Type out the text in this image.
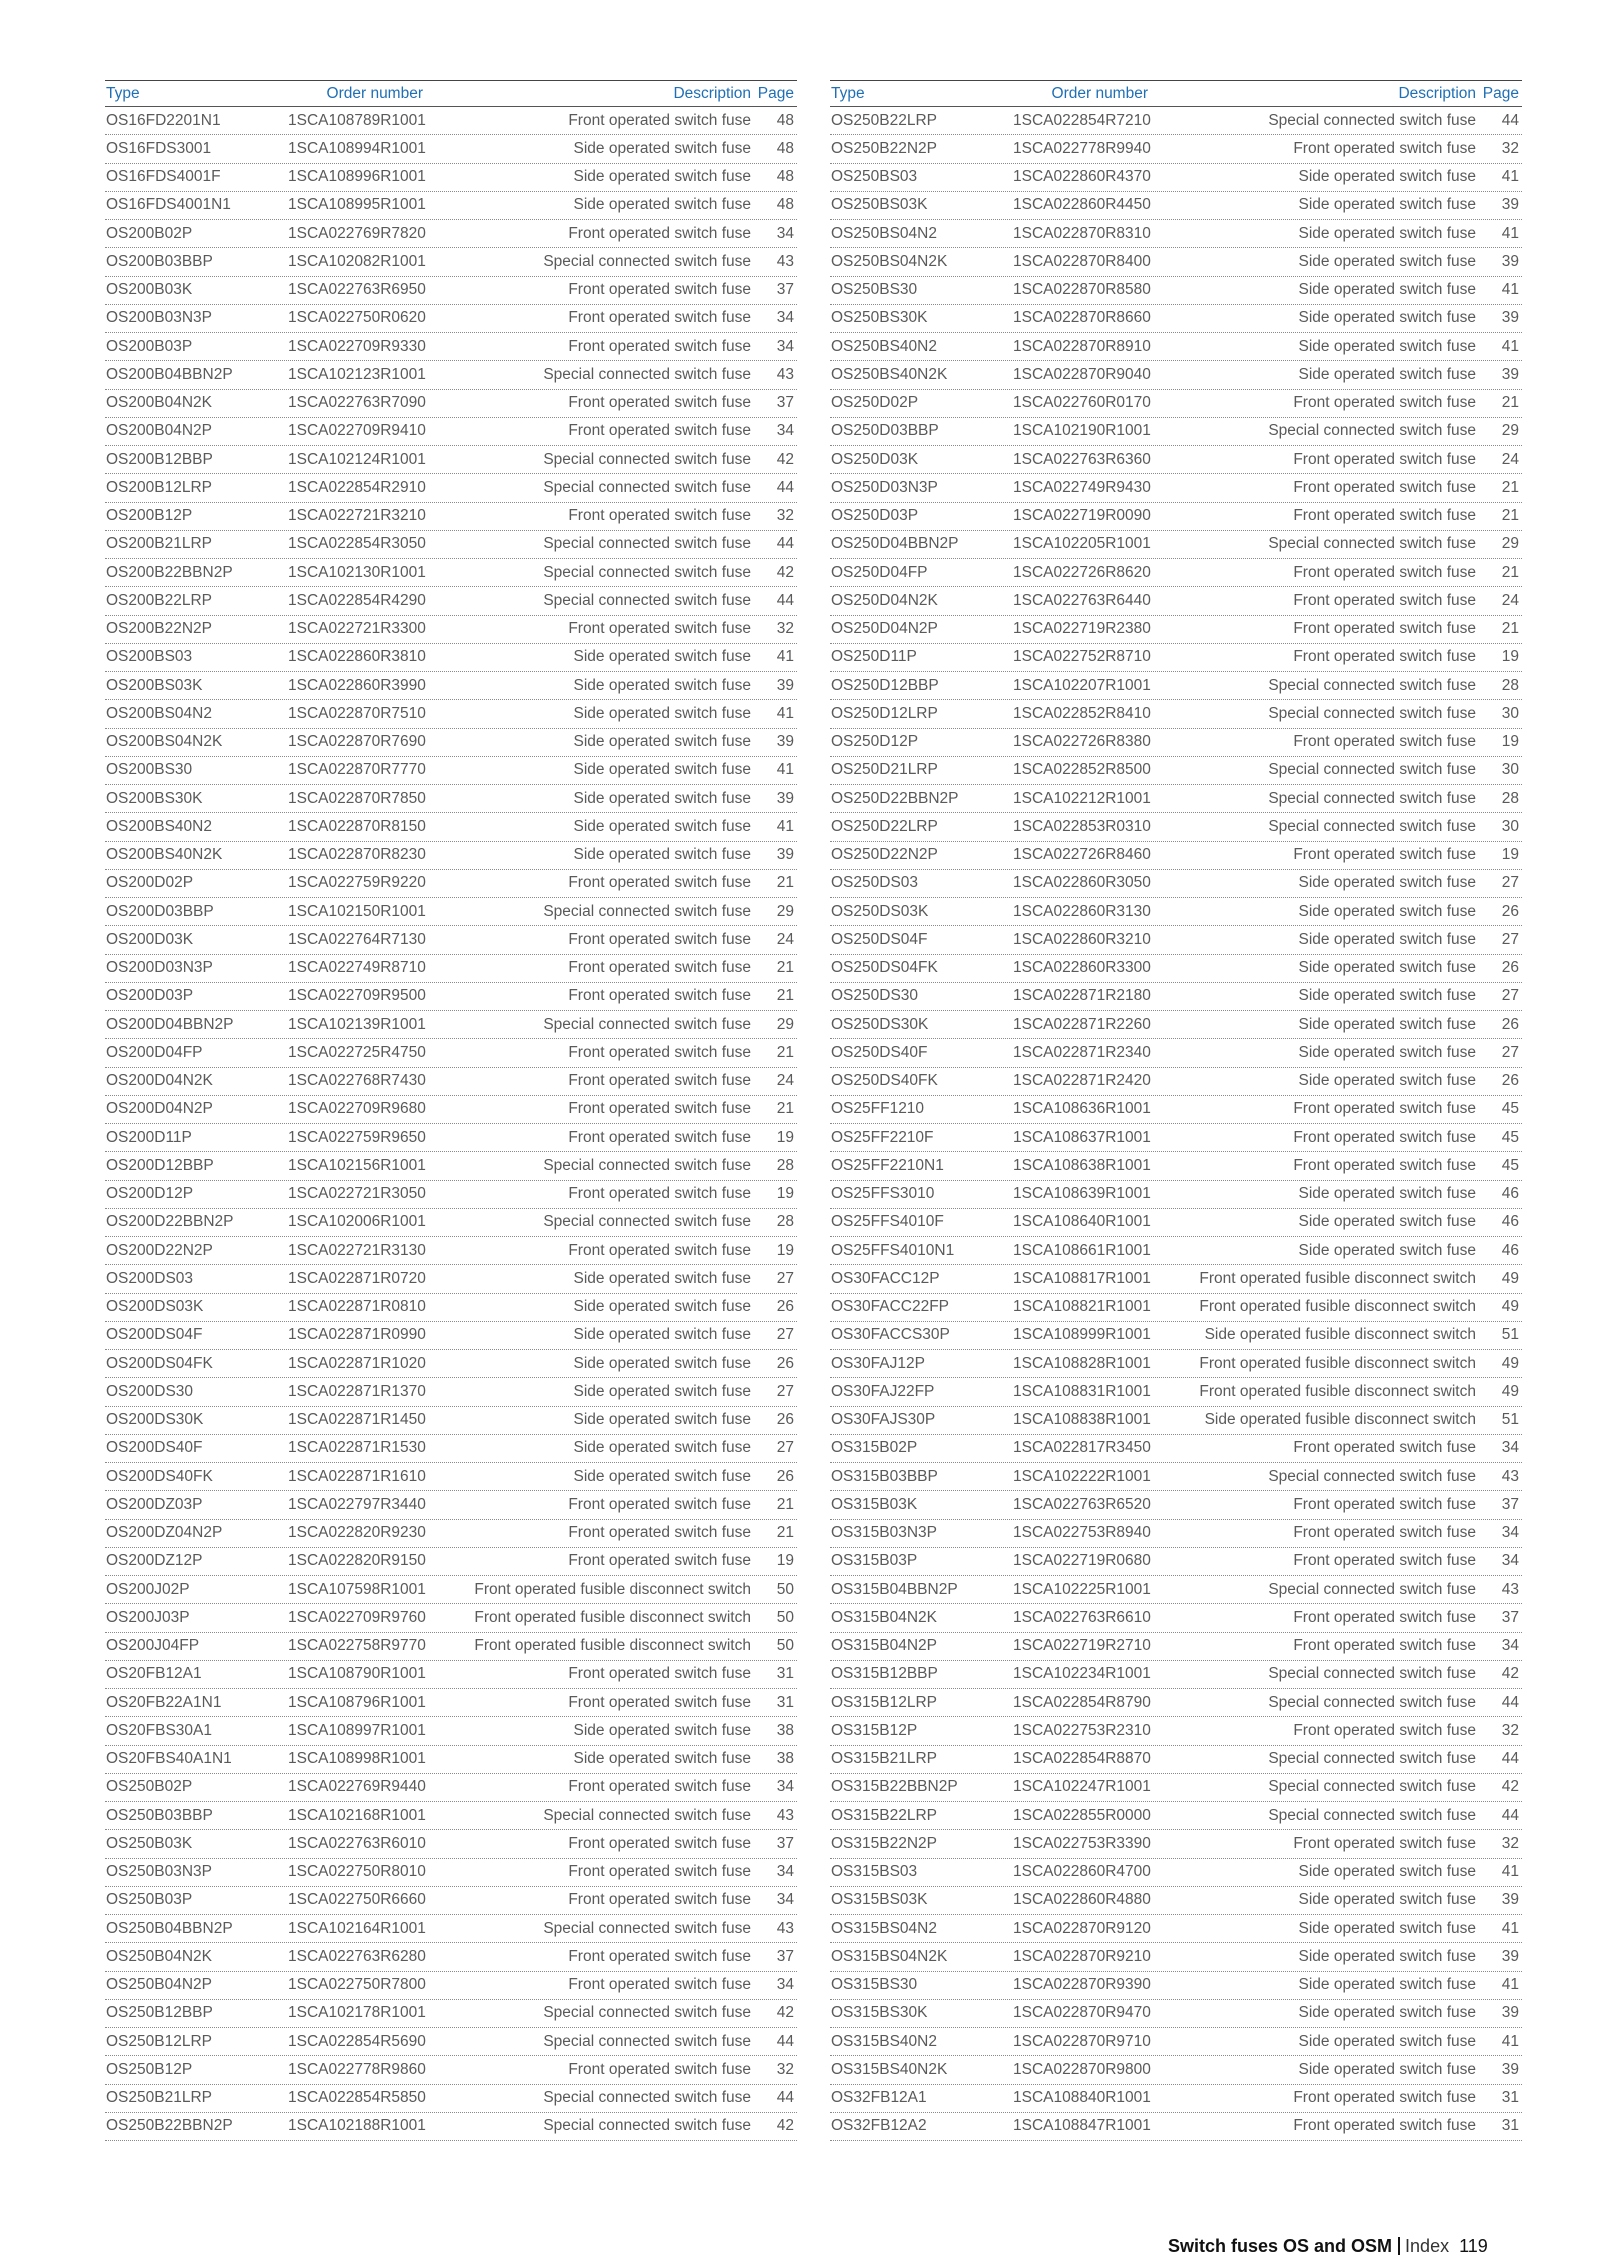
Type	Order number	Description Page
OS16FD2201N1	1SCA108789R1001	Front operated switch fuse	48
OS16FDS3001	1SCA108994R1001	Side operated switch fuse	48
OS16FDS4001F	1SCA108996R1001	Side operated switch fuse	48
OS16FDS4001N1	1SCA108995R1001	Side operated switch fuse	48
OS200B02P	1SCA022769R7820	Front operated switch fuse	34
OS200B03BBP	1SCA102082R1001	Special connected switch fuse	43
OS200B03K	1SCA022763R6950	Front operated switch fuse	37
OS200B03N3P	1SCA022750R0620	Front operated switch fuse	34
OS200B03P	1SCA022709R9330	Front operated switch fuse	34
OS200B04BBN2P	1SCA102123R1001	Special connected switch fuse	43
OS200B04N2K	1SCA022763R7090	Front operated switch fuse	37
OS200B04N2P	1SCA022709R9410	Front operated switch fuse	34
OS200B12BBP	1SCA102124R1001	Special connected switch fuse	42
OS200B12LRP	1SCA022854R2910	Special connected switch fuse	44
OS200B12P	1SCA022721R3210	Front operated switch fuse	32
OS200B21LRP	1SCA022854R3050	Special connected switch fuse	44
OS200B22BBN2P	1SCA102130R1001	Special connected switch fuse	42
OS200B22LRP	1SCA022854R4290	Special connected switch fuse	44
OS200B22N2P	1SCA022721R3300	Front operated switch fuse	32
OS200BS03	1SCA022860R3810	Side operated switch fuse	41
OS200BS03K	1SCA022860R3990	Side operated switch fuse	39
OS200BS04N2	1SCA022870R7510	Side operated switch fuse	41
OS200BS04N2K	1SCA022870R7690	Side operated switch fuse	39
OS200BS30	1SCA022870R7770	Side operated switch fuse	41
OS200BS30K	1SCA022870R7850	Side operated switch fuse	39
OS200BS40N2	1SCA022870R8150	Side operated switch fuse	41
OS200BS40N2K	1SCA022870R8230	Side operated switch fuse	39
OS200D02P	1SCA022759R9220	Front operated switch fuse	21
OS200D03BBP	1SCA102150R1001	Special connected switch fuse	29
OS200D03K	1SCA022764R7130	Front operated switch fuse	24
OS200D03N3P	1SCA022749R8710	Front operated switch fuse	21
OS200D03P	1SCA022709R9500	Front operated switch fuse	21
OS200D04BBN2P	1SCA102139R1001	Special connected switch fuse	29
OS200D04FP	1SCA022725R4750	Front operated switch fuse	21
OS200D04N2K	1SCA022768R7430	Front operated switch fuse	24
OS200D04N2P	1SCA022709R9680	Front operated switch fuse	21
OS200D11P	1SCA022759R9650	Front operated switch fuse	19
OS200D12BBP	1SCA102156R1001	Special connected switch fuse	28
OS200D12P	1SCA022721R3050	Front operated switch fuse	19
OS200D22BBN2P	1SCA102006R1001	Special connected switch fuse	28
OS200D22N2P	1SCA022721R3130	Front operated switch fuse	19
OS200DS03	1SCA022871R0720	Side operated switch fuse	27
OS200DS03K	1SCA022871R0810	Side operated switch fuse	26
OS200DS04F	1SCA022871R0990	Side operated switch fuse	27
OS200DS04FK	1SCA022871R1020	Side operated switch fuse	26
OS200DS30	1SCA022871R1370	Side operated switch fuse	27
OS200DS30K	1SCA022871R1450	Side operated switch fuse	26
OS200DS40F	1SCA022871R1530	Side operated switch fuse	27
OS200DS40FK	1SCA022871R1610	Side operated switch fuse	26
OS200DZ03P	1SCA022797R3440	Front operated switch fuse	21
OS200DZ04N2P	1SCA022820R9230	Front operated switch fuse	21
OS200DZ12P	1SCA022820R9150	Front operated switch fuse	19
OS200J02P	1SCA107598R1001	Front operated fusible disconnect switch	50
OS200J03P	1SCA022709R9760	Front operated fusible disconnect switch	50
OS200J04FP	1SCA022758R9770	Front operated fusible disconnect switch	50
OS20FB12A1	1SCA108790R1001	Front operated switch fuse	31
OS20FB22A1N1	1SCA108796R1001	Front operated switch fuse	31
OS20FBS30A1	1SCA108997R1001	Side operated switch fuse	38
OS20FBS40A1N1	1SCA108998R1001	Side operated switch fuse	38
OS250B02P	1SCA022769R9440	Front operated switch fuse	34
OS250B03BBP	1SCA102168R1001	Special connected switch fuse	43
OS250B03K	1SCA022763R6010	Front operated switch fuse	37
OS250B03N3P	1SCA022750R8010	Front operated switch fuse	34
OS250B03P	1SCA022750R6660	Front operated switch fuse	34
OS250B04BBN2P	1SCA102164R1001	Special connected switch fuse	43
OS250B04N2K	1SCA022763R6280	Front operated switch fuse	37
OS250B04N2P	1SCA022750R7800	Front operated switch fuse	34
OS250B12BBP	1SCA102178R1001	Special connected switch fuse	42
OS250B12LRP	1SCA022854R5690	Special connected switch fuse	44
OS250B12P	1SCA022778R9860	Front operated switch fuse	32
OS250B21LRP	1SCA022854R5850	Special connected switch fuse	44
OS250B22BBN2P	1SCA102188R1001	Special connected switch fuse	42
Type	Order number	Description Page
OS250B22LRP	1SCA022854R7210	Special connected switch fuse	44
OS250B22N2P	1SCA022778R9940	Front operated switch fuse	32
OS250BS03	1SCA022860R4370	Side operated switch fuse	41
OS250BS03K	1SCA022860R4450	Side operated switch fuse	39
OS250BS04N2	1SCA022870R8310	Side operated switch fuse	41
OS250BS04N2K	1SCA022870R8400	Side operated switch fuse	39
OS250BS30	1SCA022870R8580	Side operated switch fuse	41
OS250BS30K	1SCA022870R8660	Side operated switch fuse	39
OS250BS40N2	1SCA022870R8910	Side operated switch fuse	41
OS250BS40N2K	1SCA022870R9040	Side operated switch fuse	39
OS250D02P	1SCA022760R0170	Front operated switch fuse	21
OS250D03BBP	1SCA102190R1001	Special connected switch fuse	29
OS250D03K	1SCA022763R6360	Front operated switch fuse	24
OS250D03N3P	1SCA022749R9430	Front operated switch fuse	21
OS250D03P	1SCA022719R0090	Front operated switch fuse	21
OS250D04BBN2P	1SCA102205R1001	Special connected switch fuse	29
OS250D04FP	1SCA022726R8620	Front operated switch fuse	21
OS250D04N2K	1SCA022763R6440	Front operated switch fuse	24
OS250D04N2P	1SCA022719R2380	Front operated switch fuse	21
OS250D11P	1SCA022752R8710	Front operated switch fuse	19
OS250D12BBP	1SCA102207R1001	Special connected switch fuse	28
OS250D12LRP	1SCA022852R8410	Special connected switch fuse	30
OS250D12P	1SCA022726R8380	Front operated switch fuse	19
OS250D21LRP	1SCA022852R8500	Special connected switch fuse	30
OS250D22BBN2P	1SCA102212R1001	Special connected switch fuse	28
OS250D22LRP	1SCA022853R0310	Special connected switch fuse	30
OS250D22N2P	1SCA022726R8460	Front operated switch fuse	19
OS250DS03	1SCA022860R3050	Side operated switch fuse	27
OS250DS03K	1SCA022860R3130	Side operated switch fuse	26
OS250DS04F	1SCA022860R3210	Side operated switch fuse	27
OS250DS04FK	1SCA022860R3300	Side operated switch fuse	26
OS250DS30	1SCA022871R2180	Side operated switch fuse	27
OS250DS30K	1SCA022871R2260	Side operated switch fuse	26
OS250DS40F	1SCA022871R2340	Side operated switch fuse	27
OS250DS40FK	1SCA022871R2420	Side operated switch fuse	26
OS25FF1210	1SCA108636R1001	Front operated switch fuse	45
OS25FF2210F	1SCA108637R1001	Front operated switch fuse	45
OS25FF2210N1	1SCA108638R1001	Front operated switch fuse	45
OS25FFS3010	1SCA108639R1001	Side operated switch fuse	46
OS25FFS4010F	1SCA108640R1001	Side operated switch fuse	46
OS25FFS4010N1	1SCA108661R1001	Side operated switch fuse	46
OS30FACC12P	1SCA108817R1001	Front operated fusible disconnect switch	49
OS30FACC22FP	1SCA108821R1001	Front operated fusible disconnect switch	49
OS30FACCS30P	1SCA108999R1001	Side operated fusible disconnect switch	51
OS30FAJ12P	1SCA108828R1001	Front operated fusible disconnect switch	49
OS30FAJ22FP	1SCA108831R1001	Front operated fusible disconnect switch	49
OS30FAJS30P	1SCA108838R1001	Side operated fusible disconnect switch	51
OS315B02P	1SCA022817R3450	Front operated switch fuse	34
OS315B03BBP	1SCA102222R1001	Special connected switch fuse	43
OS315B03K	1SCA022763R6520	Front operated switch fuse	37
OS315B03N3P	1SCA022753R8940	Front operated switch fuse	34
OS315B03P	1SCA022719R0680	Front operated switch fuse	34
OS315B04BBN2P	1SCA102225R1001	Special connected switch fuse	43
OS315B04N2K	1SCA022763R6610	Front operated switch fuse	37
OS315B04N2P	1SCA022719R2710	Front operated switch fuse	34
OS315B12BBP	1SCA102234R1001	Special connected switch fuse	42
OS315B12LRP	1SCA022854R8790	Special connected switch fuse	44
OS315B12P	1SCA022753R2310	Front operated switch fuse	32
OS315B21LRP	1SCA022854R8870	Special connected switch fuse	44
OS315B22BBN2P	1SCA102247R1001	Special connected switch fuse	42
OS315B22LRP	1SCA022855R0000	Special connected switch fuse	44
OS315B22N2P	1SCA022753R3390	Front operated switch fuse	32
OS315BS03	1SCA022860R4700	Side operated switch fuse	41
OS315BS03K	1SCA022860R4880	Side operated switch fuse	39
OS315BS04N2	1SCA022870R9120	Side operated switch fuse	41
OS315BS04N2K	1SCA022870R9210	Side operated switch fuse	39
OS315BS30	1SCA022870R9390	Side operated switch fuse	41
OS315BS30K	1SCA022870R9470	Side operated switch fuse	39
OS315BS40N2	1SCA022870R9710	Side operated switch fuse	41
OS315BS40N2K	1SCA022870R9800	Side operated switch fuse	39
OS32FB12A1	1SCA108840R1001	Front operated switch fuse	31
OS32FB12A2	1SCA108847R1001	Front operated switch fuse	31
Switch fuses OS and OSM Index 119
